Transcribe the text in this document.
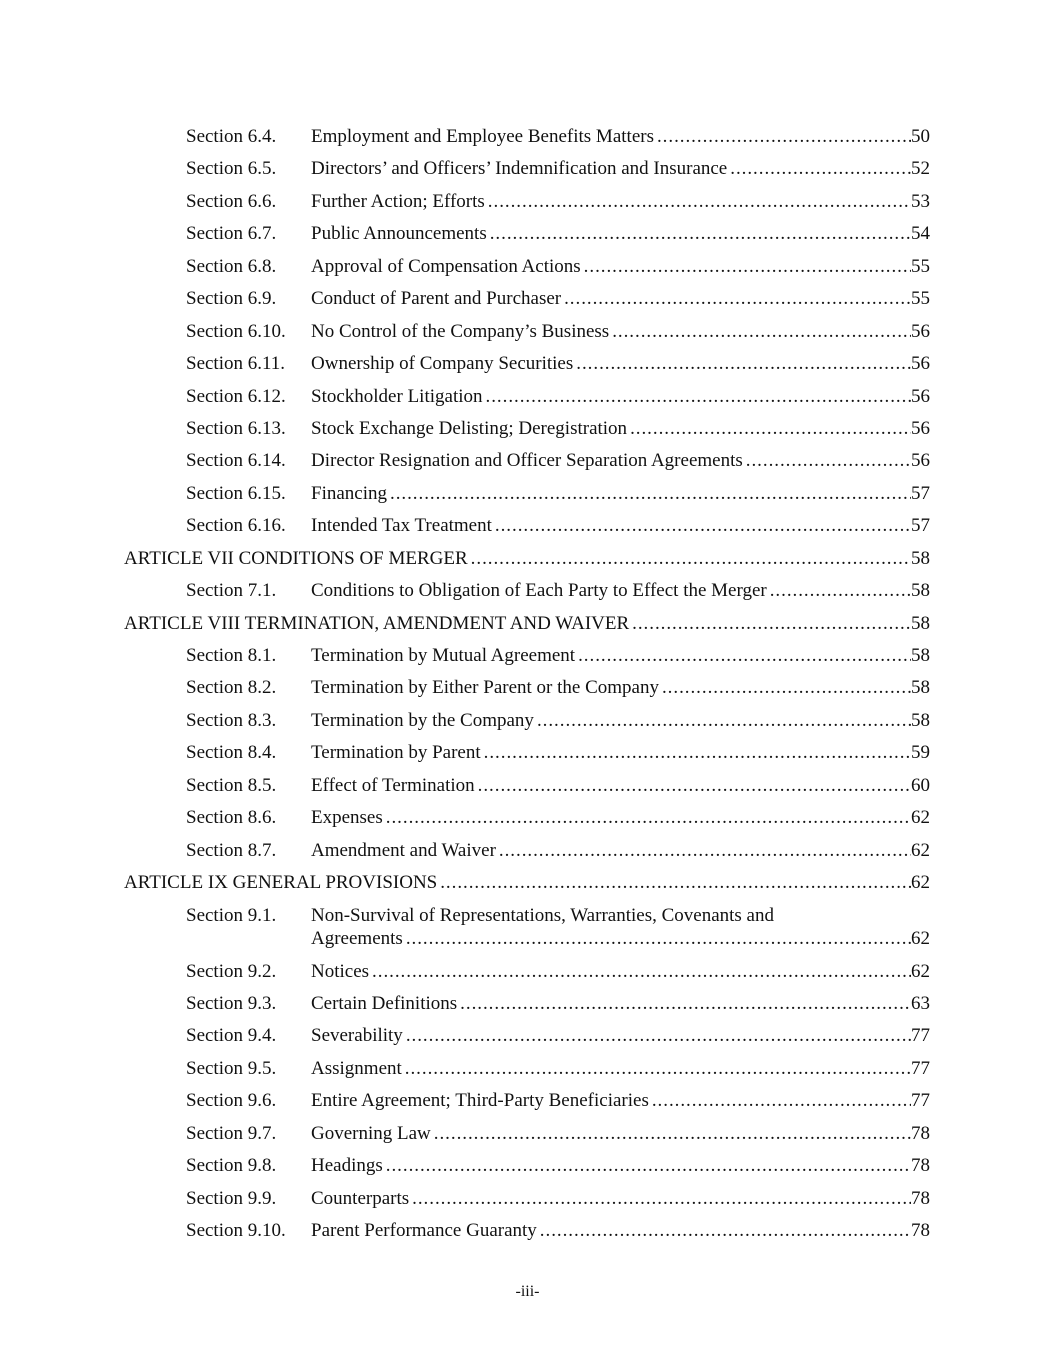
Section 6.4. Employment and Employee Benefits Matters . . .	50
Section 6.5. Directors’ and Officers’ Indemnification and Insurance . . .	52
Section 6.6. Further Action; Efforts . . .	53
Section 6.7. Public Announcements . . .	54
Section 6.8. Approval of Compensation Actions . . .	55
Section 6.9. Conduct of Parent and Purchaser . . .	55
Section 6.10. No Control of the Company’s Business . . .	56
Section 6.11. Ownership of Company Securities . . .	56
Section 6.12. Stockholder Litigation . . .	56
Section 6.13. Stock Exchange Delisting; Deregistration . . .	56
Section 6.14. Director Resignation and Officer Separation Agreements . . .	56
Section 6.15. Financing . . .	57
Section 6.16. Intended Tax Treatment . . .	57
ARTICLE VII CONDITIONS OF MERGER . . .	58
Section 7.1. Conditions to Obligation of Each Party to Effect the Merger . . .	58
ARTICLE VIII TERMINATION, AMENDMENT AND WAIVER . . .	58
Section 8.1. Termination by Mutual Agreement . . .	58
Section 8.2. Termination by Either Parent or the Company . . .	58
Section 8.3. Termination by the Company . . .	58
Section 8.4. Termination by Parent . . .	59
Section 8.5. Effect of Termination . . .	60
Section 8.6. Expenses . . .	62
Section 8.7. Amendment and Waiver . . .	62
ARTICLE IX GENERAL PROVISIONS . . .	62
Section 9.1. Non-Survival of Representations, Warranties, Covenants and
Agreements . . .	62
Section 9.2. Notices . . .	62
Section 9.3. Certain Definitions . . .	63
Section 9.4. Severability . . .	77
Section 9.5. Assignment . . .	77
Section 9.6. Entire Agreement; Third-Party Beneficiaries . . .	77
Section 9.7. Governing Law . . .	78
Section 9.8. Headings . . .	78
Section 9.9. Counterparts . . .	78
Section 9.10. Parent Performance Guaranty . . .	78
-iii-
